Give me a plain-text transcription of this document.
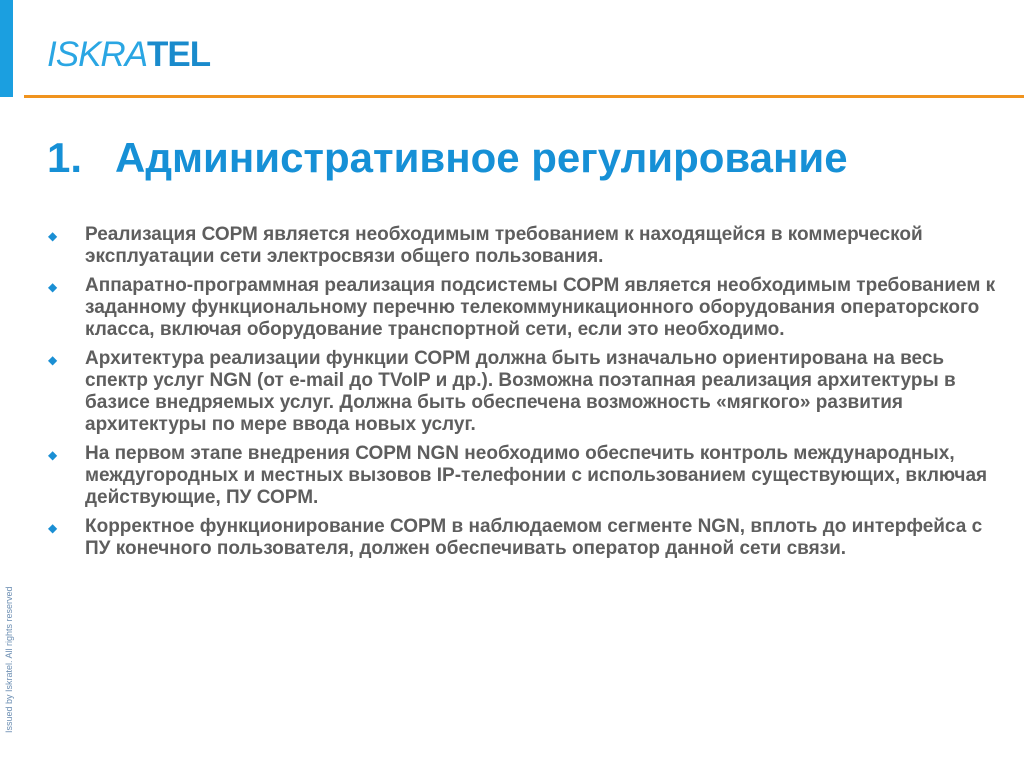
ISKRATEL
1. Административное регулирование
◆ Реализация СОРМ является необходимым требованием к находящейся в коммерческой эксплуатации сети электросвязи общего пользования.
◆ Аппаратно-программная реализация подсистемы СОРМ является необходимым требованием к заданному функциональному перечню телекоммуникационного оборудования операторского класса, включая оборудование транспортной сети, если это необходимо.
◆ Архитектура реализации функции СОРМ должна быть изначально ориентирована на весь спектр услуг NGN (от e-mail до TVoIP и др.). Возможна поэтапная реализация архитектуры в базисе внедряемых услуг. Должна быть обеспечена возможность «мягкого» развития архитектуры по мере ввода новых услуг.
◆ На первом этапе внедрения СОРМ NGN необходимо обеспечить контроль международных, междугородных и местных вызовов IP-телефонии с использованием существующих, включая действующие, ПУ СОРМ.
◆ Корректное функционирование СОРМ в наблюдаемом сегменте NGN, вплоть до интерфейса с ПУ конечного пользователя, должен обеспечивать оператор данной сети связи.
Issued by Iskratel. All rights reserved
